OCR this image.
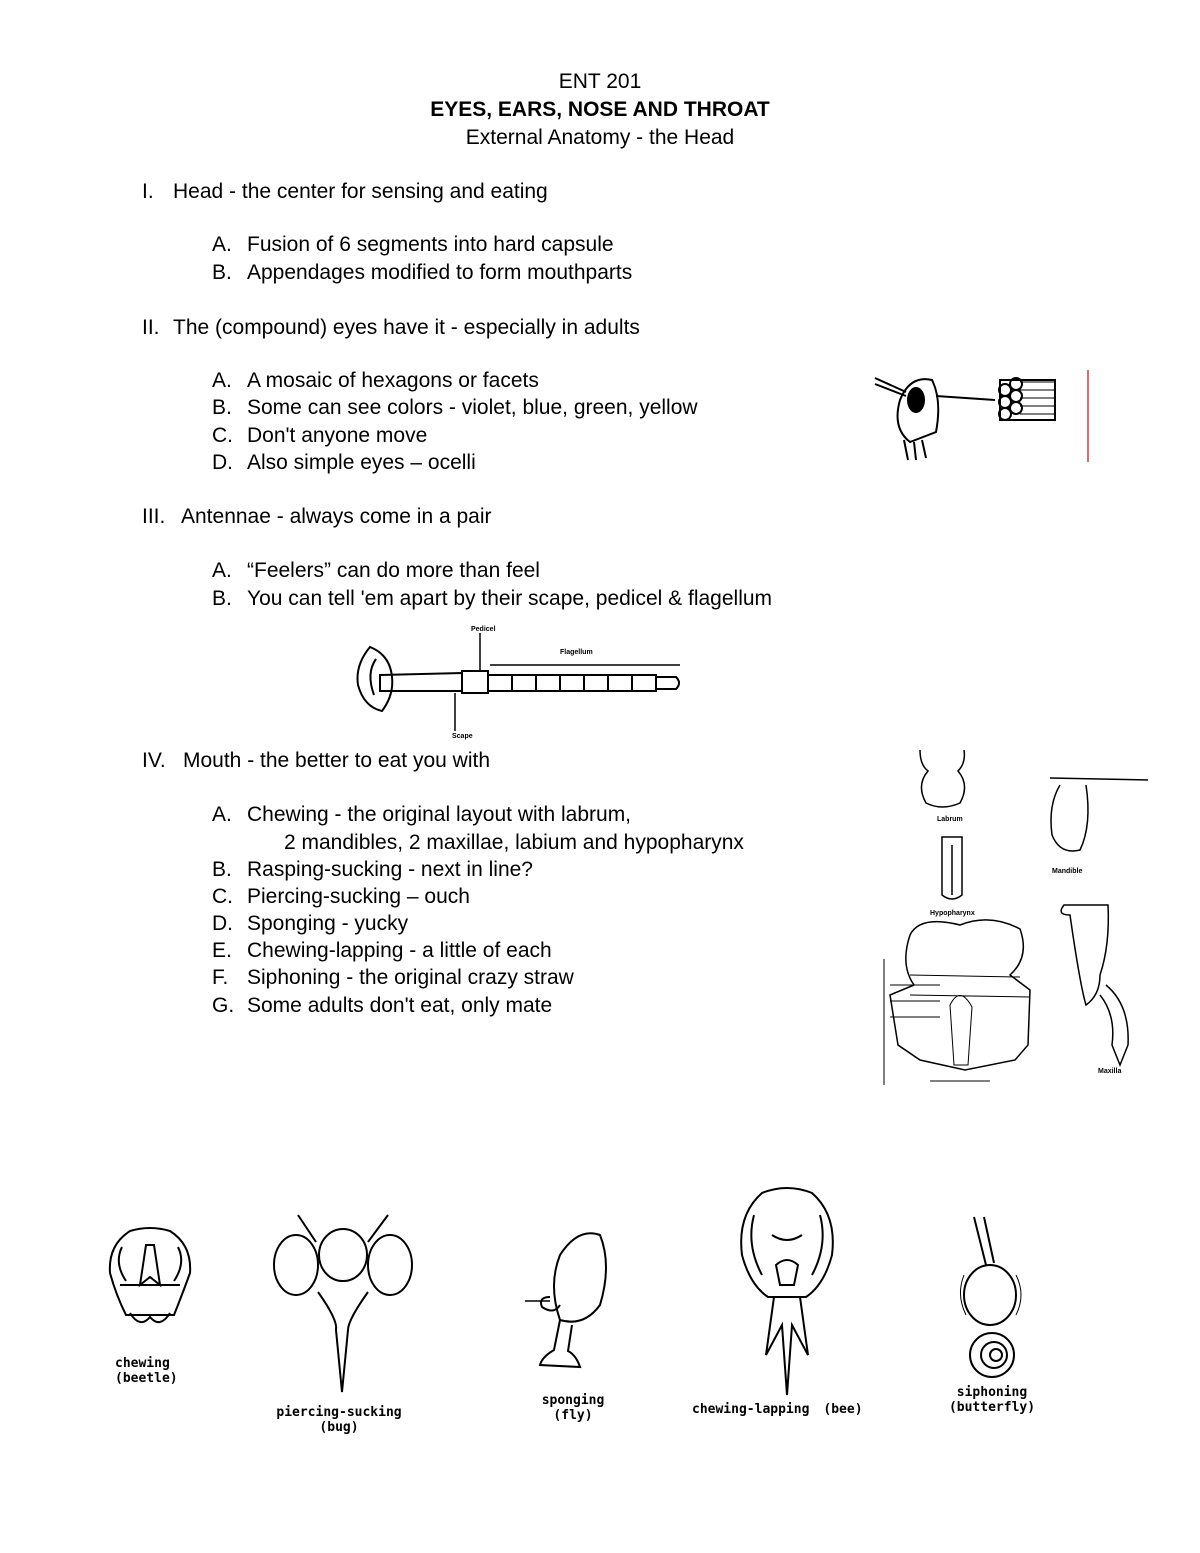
ENT 201
EYES, EARS, NOSE AND THROAT
External Anatomy - the Head
I. Head - the center for sensing and eating
A. Fusion of 6 segments into hard capsule
B. Appendages modified to form mouthparts
II. The (compound) eyes have it - especially in adults
A. A mosaic of hexagons or facets
B. Some can see colors - violet, blue, green, yellow
C. Don't anyone move
D. Also simple eyes – ocelli
III. Antennae - always come in a pair
A. “Feelers” can do more than feel
B. You can tell 'em apart by their scape, pedicel & flagellum
Pedicel
Flagellum
Scape
IV. Mouth - the better to eat you with
A. Chewing - the original layout with labrum,
2 mandibles, 2 maxillae, labium and hypopharynx
B. Rasping-sucking - next in line?
C. Piercing-sucking – ouch
D. Sponging - yucky
E. Chewing-lapping - a little of each
F. Siphoning - the original crazy straw
G. Some adults don't eat, only mate
Labrum
Mandible
Hypopharynx
Maxilla
chewing
(beetle)
piercing-sucking
(bug)
sponging
(fly)	chewing-lapping (bee)
siphoning
(butterfly)
